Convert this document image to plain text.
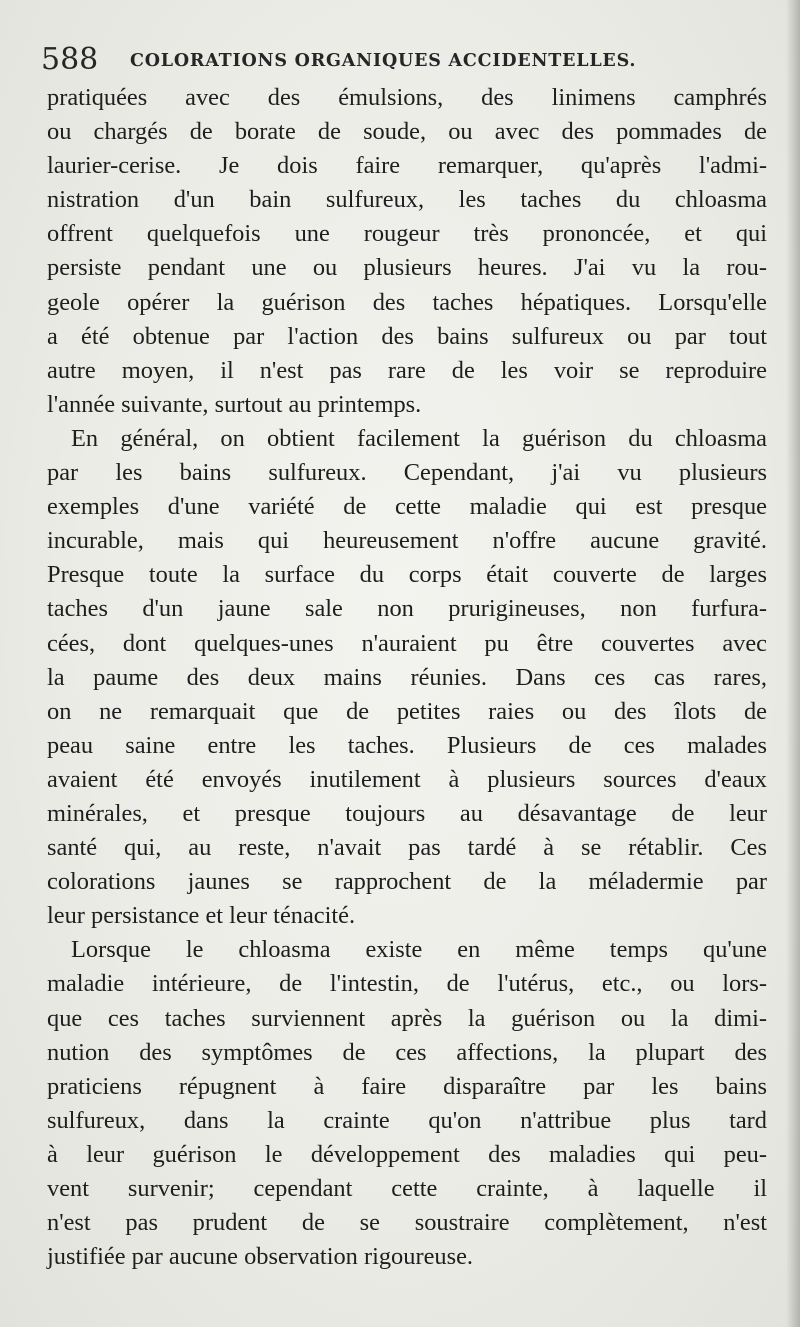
588 COLORATIONS ORGANIQUES ACCIDENTELLES.
pratiquées avec des émulsions, des linimens camphrés
ou chargés de borate de soude, ou avec des pommades de
laurier-cerise. Je dois faire remarquer, qu'après l'admi-
nistration d'un bain sulfureux, les taches du chloasma
offrent quelquefois une rougeur très prononcée, et qui
persiste pendant une ou plusieurs heures. J'ai vu la rou-
geole opérer la guérison des taches hépatiques. Lorsqu'elle
a été obtenue par l'action des bains sulfureux ou par tout
autre moyen, il n'est pas rare de les voir se reproduire
l'année suivante, surtout au printemps.
En général, on obtient facilement la guérison du chloasma
par les bains sulfureux. Cependant, j'ai vu plusieurs
exemples d'une variété de cette maladie qui est presque
incurable, mais qui heureusement n'offre aucune gravité.
Presque toute la surface du corps était couverte de larges
taches d'un jaune sale non prurigineuses, non furfura-
cées, dont quelques-unes n'auraient pu être couvertes avec
la paume des deux mains réunies. Dans ces cas rares,
on ne remarquait que de petites raies ou des îlots de
peau saine entre les taches. Plusieurs de ces malades
avaient été envoyés inutilement à plusieurs sources d'eaux
minérales, et presque toujours au désavantage de leur
santé qui, au reste, n'avait pas tardé à se rétablir. Ces
colorations jaunes se rapprochent de la méladermie par
leur persistance et leur ténacité.
Lorsque le chloasma existe en même temps qu'une
maladie intérieure, de l'intestin, de l'utérus, etc., ou lors-
que ces taches surviennent après la guérison ou la dimi-
nution des symptômes de ces affections, la plupart des
praticiens répugnent à faire disparaître par les bains
sulfureux, dans la crainte qu'on n'attribue plus tard
à leur guérison le développement des maladies qui peu-
vent survenir; cependant cette crainte, à laquelle il
n'est pas prudent de se soustraire complètement, n'est
justifiée par aucune observation rigoureuse.
